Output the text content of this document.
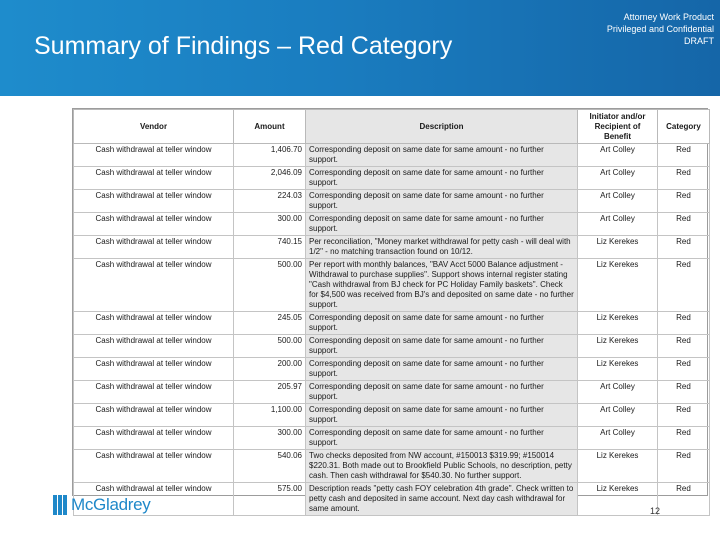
Summary of Findings – Red Category
Attorney Work Product
Privileged and Confidential
DRAFT
Vendor	Amount	Description	Initiator and/or Recipient of Benefit	Category
Cash withdrawal at teller window	1,406.70	Corresponding deposit on same date for same amount - no further support.	Art Colley	Red
Cash withdrawal at teller window	2,046.09	Corresponding deposit on same date for same amount - no further support.	Art Colley	Red
Cash withdrawal at teller window	224.03	Corresponding deposit on same date for same amount - no further support.	Art Colley	Red
Cash withdrawal at teller window	300.00	Corresponding deposit on same date for same amount - no further support.	Art Colley	Red
Cash withdrawal at teller window	740.15	Per reconciliation, "Money market withdrawal for petty cash - will deal with 1/2" - no matching transaction found on 10/12.	Liz Kerekes	Red
Cash withdrawal at teller window	500.00	Per report with monthly balances, "BAV Acct 5000 Balance adjustment - Withdrawal to purchase supplies". Support shows internal register stating "Cash withdrawal from BJ check for PC Holiday Family baskets". Check for $4,500 was received from BJ's and deposited on same date - no further support.	Liz Kerekes	Red
Cash withdrawal at teller window	245.05	Corresponding deposit on same date for same amount - no further support.	Liz Kerekes	Red
Cash withdrawal at teller window	500.00	Corresponding deposit on same date for same amount - no further support.	Liz Kerekes	Red
Cash withdrawal at teller window	200.00	Corresponding deposit on same date for same amount - no further support.	Liz Kerekes	Red
Cash withdrawal at teller window	205.97	Corresponding deposit on same date for same amount - no further support.	Art Colley	Red
Cash withdrawal at teller window	1,100.00	Corresponding deposit on same date for same amount - no further support.	Art Colley	Red
Cash withdrawal at teller window	300.00	Corresponding deposit on same date for same amount - no further support.	Art Colley	Red
Cash withdrawal at teller window	540.06	Two checks deposited from NW account, #150013 $319.99; #150014 $220.31. Both made out to Brookfield Public Schools, no description, petty cash. Then cash withdrawal for $540.30. No further support.	Liz Kerekes	Red
Cash withdrawal at teller window	575.00	Description reads "petty cash FOY celebration 4th grade". Check written to petty cash and deposited in same account. Next day cash withdrawal for same amount.	Liz Kerekes	Red
McGladrey	12
